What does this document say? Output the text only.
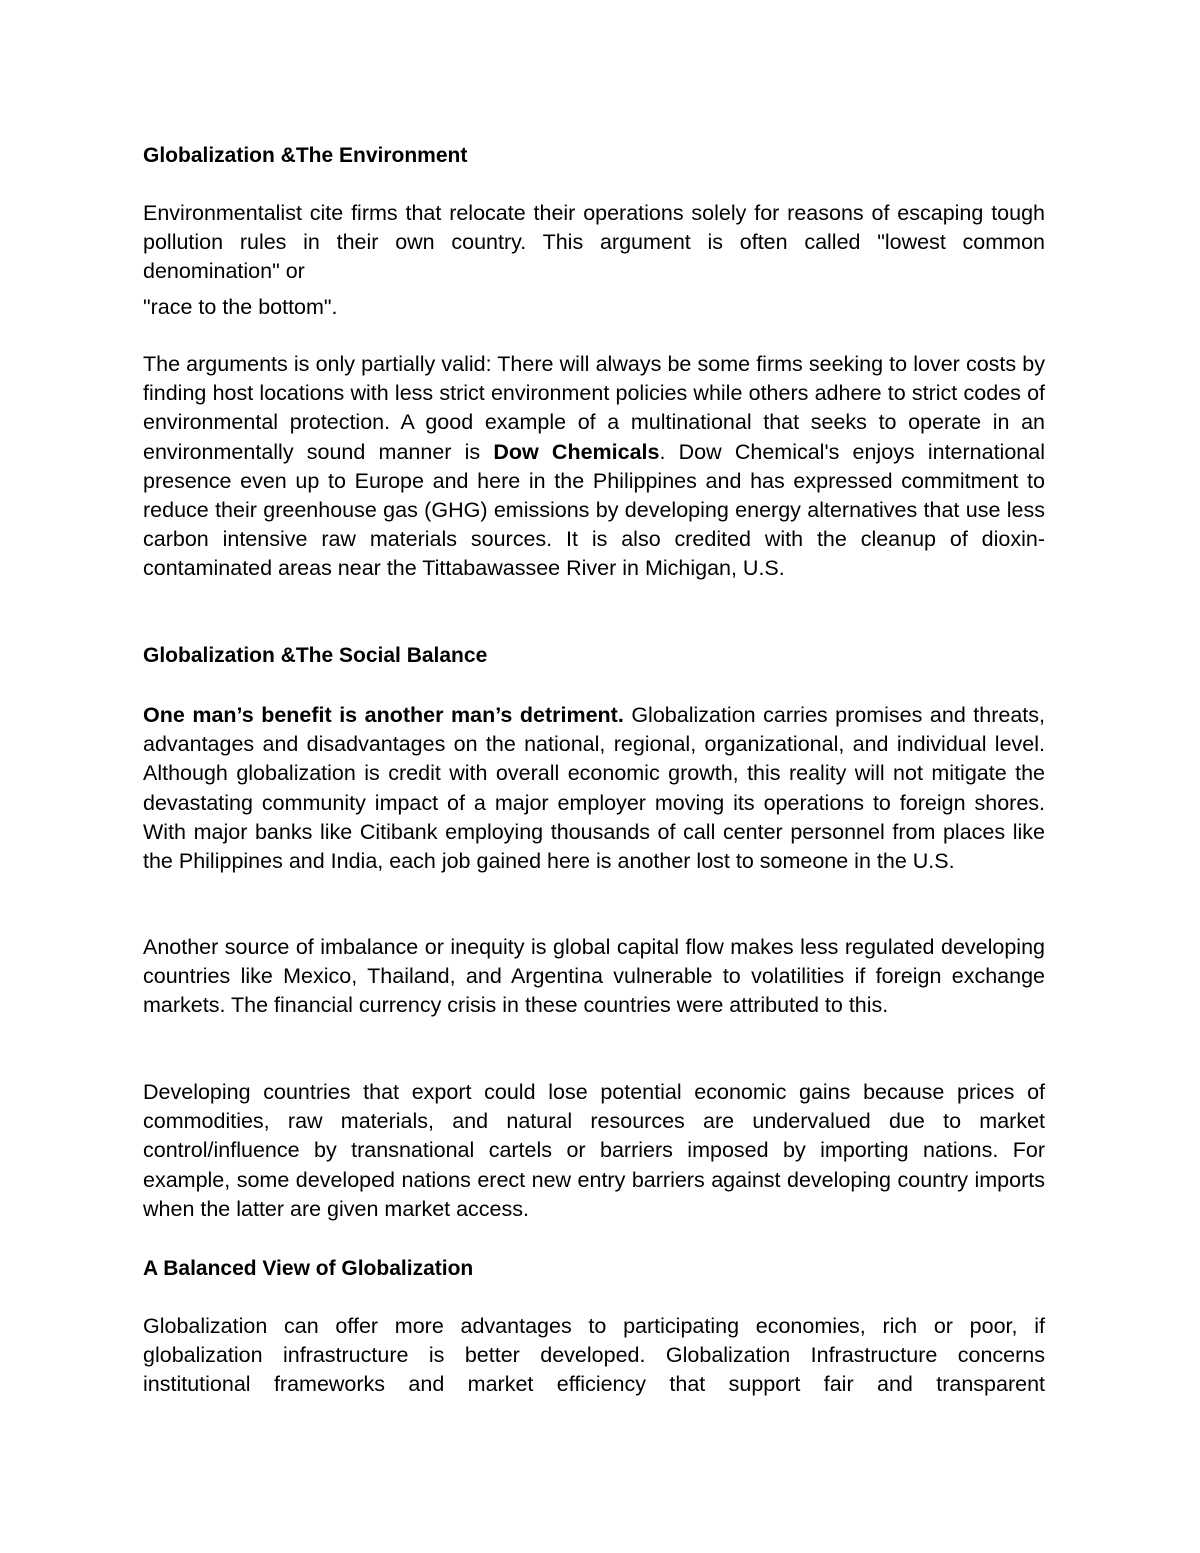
Globalization &The Environment

Environmentalist cite firms that relocate their operations solely for reasons of escaping tough pollution rules in their own country. This argument is often called "lowest common denomination" or

"race to the bottom".

The arguments is only partially valid: There will always be some firms seeking to lover costs by finding host locations with less strict environment policies while others adhere to strict codes of environmental protection. A good example of a multinational that seeks to operate in an environmentally sound manner is Dow Chemicals. Dow Chemical's enjoys international presence even up to Europe and here in the Philippines and has expressed commitment to reduce their greenhouse gas (GHG) emissions by developing energy alternatives that use less carbon intensive raw materials sources. It is also credited with the cleanup of dioxin-contaminated areas near the Tittabawassee River in Michigan, U.S.

Globalization &The Social Balance

One man’s benefit is another man’s detriment. Globalization carries promises and threats, advantages and disadvantages on the national, regional, organizational, and individual level. Although globalization is credit with overall economic growth, this reality will not mitigate the devastating community impact of a major employer moving its operations to foreign shores. With major banks like Citibank employing thousands of call center personnel from places like the Philippines and India, each job gained here is another lost to someone in the U.S.

Another source of imbalance or inequity is global capital flow makes less regulated developing countries like Mexico, Thailand, and Argentina vulnerable to volatilities if foreign exchange markets. The financial currency crisis in these countries were attributed to this.

Developing countries that export could lose potential economic gains because prices of commodities, raw materials, and natural resources are undervalued due to market control/influence by transnational cartels or barriers imposed by importing nations. For example, some developed nations erect new entry barriers against developing country imports when the latter are given market access.

A Balanced View of Globalization

Globalization can offer more advantages to participating economies, rich or poor, if globalization infrastructure is better developed. Globalization Infrastructure concerns institutional frameworks and market efficiency that support fair and transparent
